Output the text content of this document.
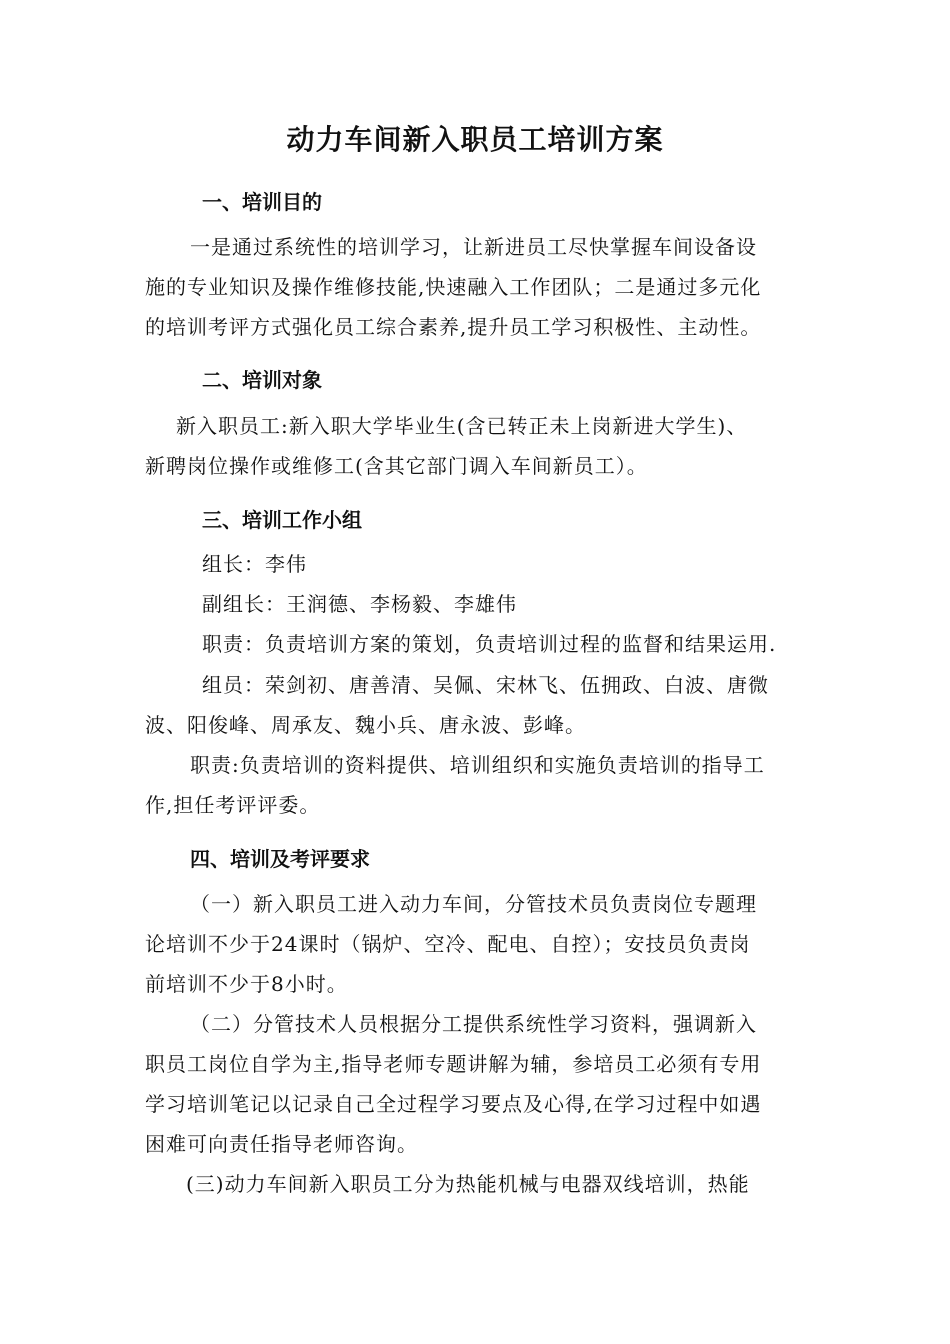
动力车间新入职员工培训方案
一、培训目的

一是通过系统性的培训学习，让新进员工尽快掌握车间设备设

施的专业知识及操作维修技能,快速融入工作团队；二是通过多元化

的培训考评方式强化员工综合素养,提升员工学习积极性、主动性。

二、培训对象

新入职员工:新入职大学毕业生(含已转正未上岗新进大学生)、

新聘岗位操作或维修工(含其它部门调入车间新员工）。

三、培训工作小组

组长：李伟

副组长：王润德、李杨毅、李雄伟

职责：负责培训方案的策划，负责培训过程的监督和结果运用.

组员：荣剑初、唐善清、吴佩、宋林飞、伍拥政、白波、唐微

波、阳俊峰、周承友、魏小兵、唐永波、彭峰。

职责:负责培训的资料提供、培训组织和实施负责培训的指导工

作,担任考评评委。

四、培训及考评要求

（一）新入职员工进入动力车间，分管技术员负责岗位专题理

论培训不少于24课时（锅炉、空冷、配电、自控）；安技员负责岗

前培训不少于8小时。

（二）分管技术人员根据分工提供系统性学习资料，强调新入

职员工岗位自学为主,指导老师专题讲解为辅，参培员工必须有专用

学习培训笔记以记录自己全过程学习要点及心得,在学习过程中如遇

困难可向责任指导老师咨询。

(三)动力车间新入职员工分为热能机械与电器双线培训，热能
